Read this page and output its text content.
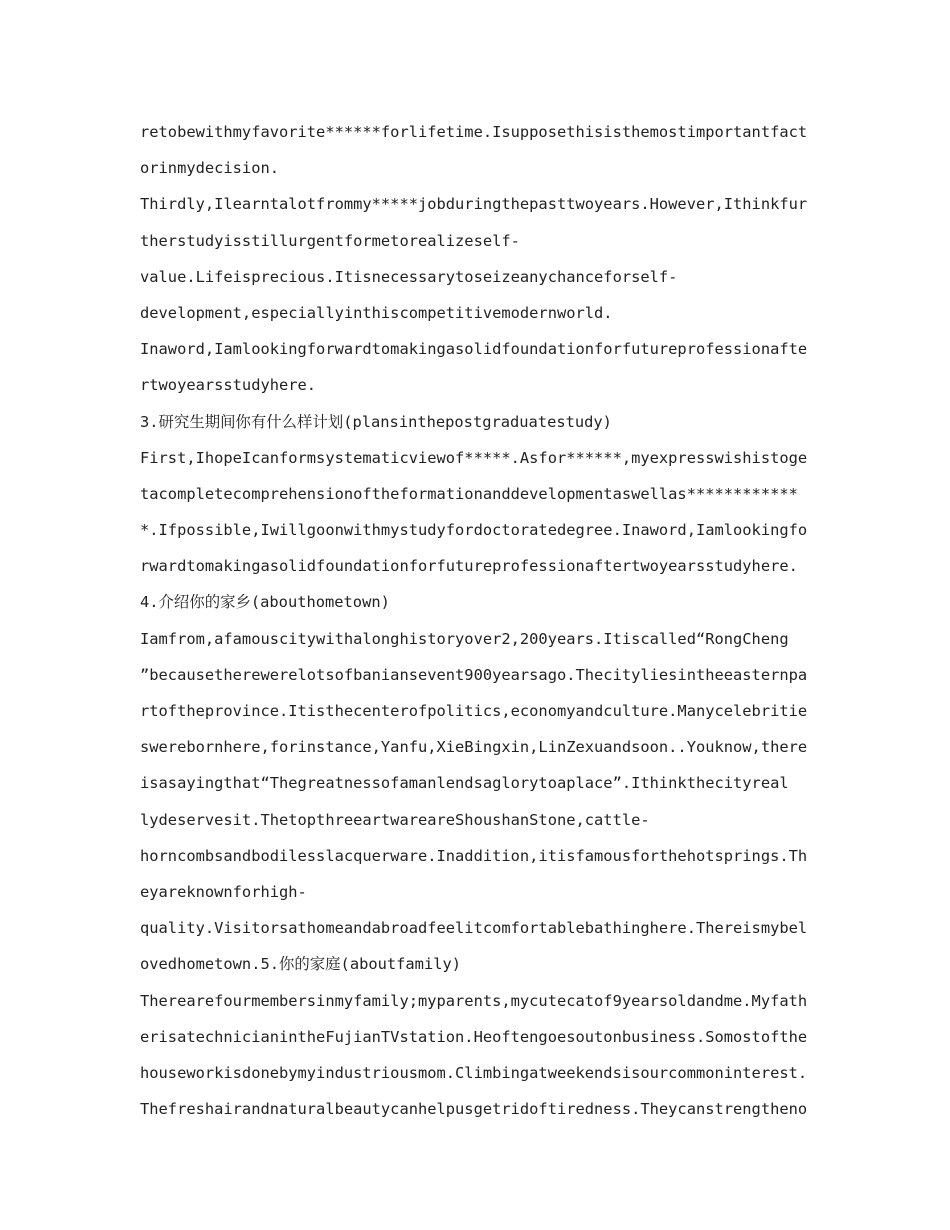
retobewithmyfavorite******forlifetime.Isupposethisisthemostimportantfact
orinmydecision.
Thirdly,Ilearntalotfrommy*****jobduringthepasttwoyears.However,Ithinkfur
therstudyisstillurgentformetorealizeself-
value.Lifeisprecious.Itisnecessarytoseizeanychanceforself-
development,especiallyinthiscompetitivemodernworld.
Inaword,Iamlookingforwardtomakingasolidfoundationforfutureprofessionafte
rtwoyearsstudyhere.
3.研究生期间你有什么样计划(plansinthepostgraduatestudy)
First,IhopeIcanformsystematicviewof*****.Asfor******,myexpresswishistoge
tacompletecomprehensionoftheformationanddevelopmentaswellas************
*.Ifpossible,Iwillgoonwithmystudyfordoctoratedegree.Inaword,Iamlookingfo
rwardtomakingasolidfoundationforfutureprofessionaftertwoyearsstudyhere.
4.介绍你的家乡(abouthometown)
Iamfrom,afamouscitywithalonghistoryover2,200years.Itiscalled“RongCheng
”becausetherewerelotsofbaniansevent900yearsago.Thecityliesintheeasternpa
rtoftheprovince.Itisthecenterofpolitics,economyandculture.Manycelebritie
swerebornhere,forinstance,Yanfu,XieBingxin,LinZexuandsoon..Youknow,there
isasayingthat“Thegreatnessofamanlendsaglorytoaplace”.Ithinkthecityreal
lydeservesit.ThetopthreeartwareareShoushanStone,cattle-
horncombsandbodilesslacquerware.Inaddition,itisfamousforthehotsprings.Th
eyareknownforhigh-
quality.Visitorsathomeandabroadfeelitcomfortablebathinghere.Thereismybel
ovedhometown.5.你的家庭(aboutfamily)
Therearefourmembersinmyfamily;myparents,mycutecatof9yearsoldandme.Myfath
erisatechnicianintheFujianTVstation.Heoftengoesoutonbusiness.Somostofthe
houseworkisdonebymyindustriousmom.Climbingatweekendsisourcommoninterest.
Thefreshairandnaturalbeautycanhelpusgetridoftiredness.Theycanstrengtheno
